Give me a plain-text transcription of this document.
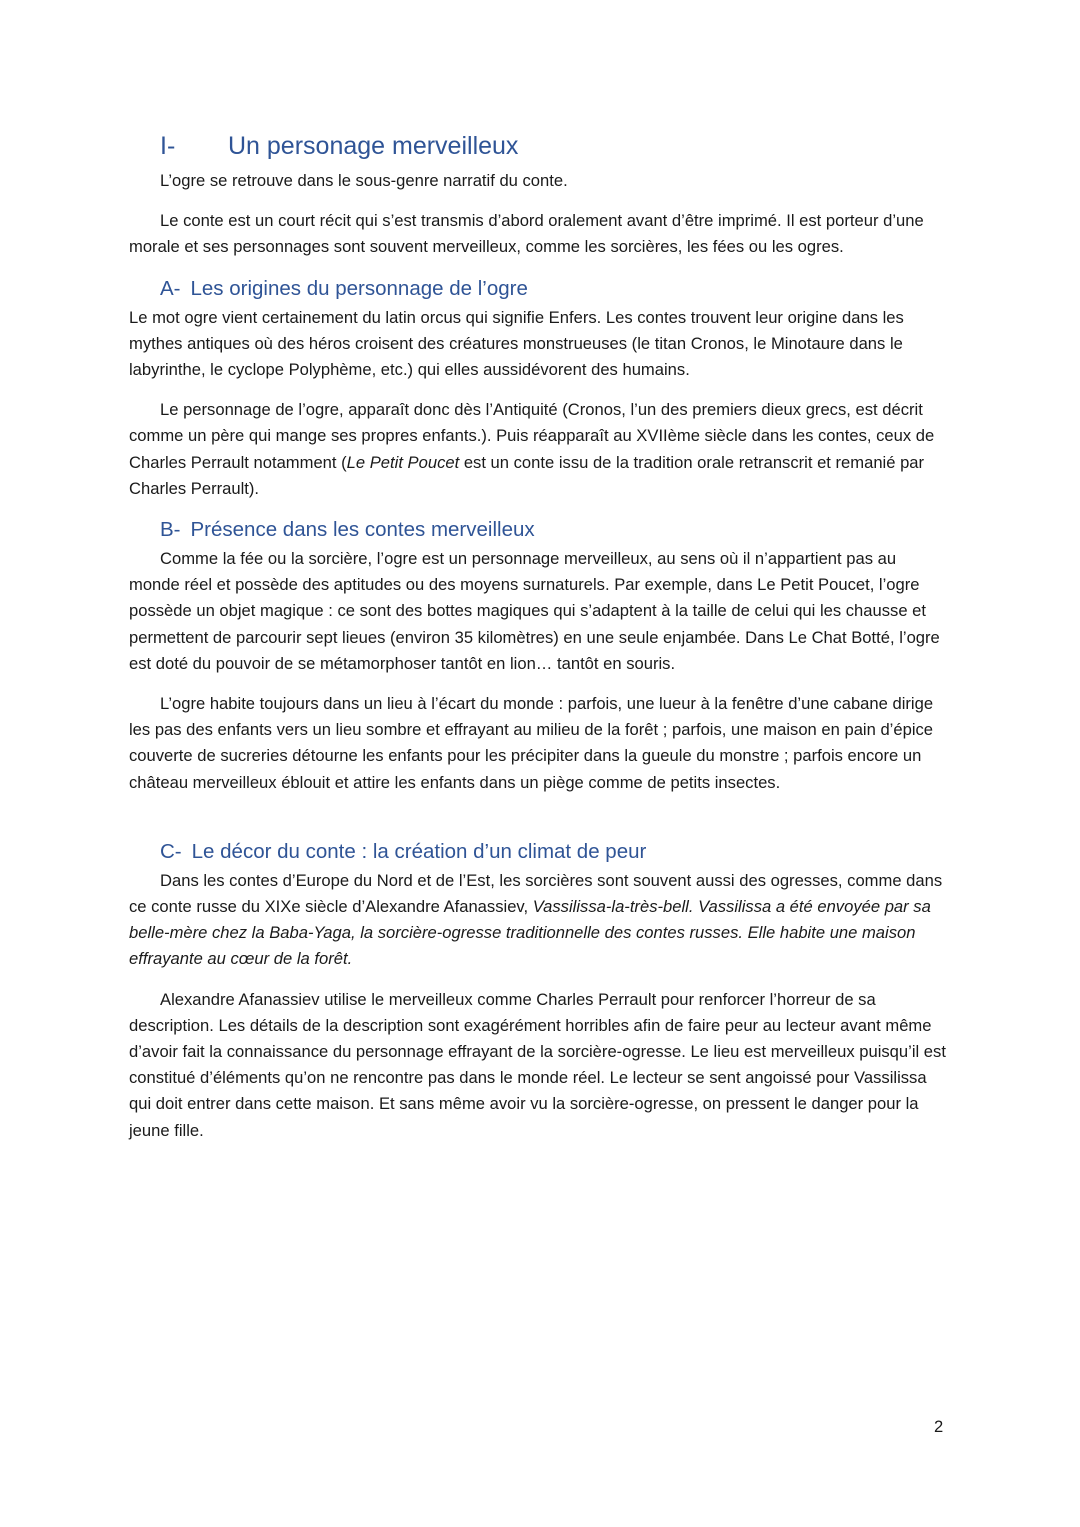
I-	Un personage merveilleux

L’ogre se retrouve dans le sous-genre narratif du conte.

Le conte est un court récit qui s’est transmis d’abord oralement avant d’être imprimé. Il est porteur d’une morale et ses personnages sont souvent merveilleux, comme les sorcières, les fées ou les ogres.

A- Les origines du personnage de l’ogre

Le mot ogre vient certainement du latin orcus qui signifie Enfers. Les contes trouvent leur origine dans les mythes antiques où des héros croisent des créatures monstrueuses (le titan Cronos, le Minotaure dans le labyrinthe, le cyclope Polyphème, etc.) qui elles aussidévorent des humains.

Le personnage de l’ogre, apparaît donc dès l’Antiquité (Cronos, l’un des premiers dieux grecs, est décrit comme un père qui mange ses propres enfants.). Puis réapparaît au XVIIème siècle dans les contes, ceux de Charles Perrault notamment (Le Petit Poucet est un conte issu de la tradition orale retranscrit et remanié par Charles Perrault).

B- Présence dans les contes merveilleux

Comme la fée ou la sorcière, l’ogre est un personnage merveilleux, au sens où il n’appartient pas au monde réel et possède des aptitudes ou des moyens surnaturels. Par exemple, dans Le Petit Poucet, l’ogre possède un objet magique : ce sont des bottes magiques qui s’adaptent à la taille de celui qui les chausse et permettent de parcourir sept lieues (environ 35 kilomètres) en une seule enjambée. Dans Le Chat Botté, l’ogre est doté du pouvoir de se métamorphoser tantôt en lion… tantôt en souris.

L’ogre habite toujours dans un lieu à l’écart du monde : parfois, une lueur à la fenêtre d’une cabane dirige les pas des enfants vers un lieu sombre et effrayant au milieu de la forêt ; parfois, une maison en pain d’épice couverte de sucreries détourne les enfants pour les précipiter dans la gueule du monstre ; parfois encore un château merveilleux éblouit et attire les enfants dans un piège comme de petits insectes.

C- Le décor du conte : la création d’un climat de peur

Dans les contes d’Europe du Nord et de l’Est, les sorcières sont souvent aussi des ogresses, comme dans ce conte russe du XIXe siècle d’Alexandre Afanassiev, Vassilissa-la-très-bell. Vassilissa a été envoyée par sa belle-mère chez la Baba-Yaga, la sorcière-ogresse traditionnelle des contes russes. Elle habite une maison effrayante au cœur de la forêt.

Alexandre Afanassiev utilise le merveilleux comme Charles Perrault pour renforcer l’horreur de sa description. Les détails de la description sont exagérément horribles afin de faire peur au lecteur avant même d’avoir fait la connaissance du personnage effrayant de la sorcière-ogresse. Le lieu est merveilleux puisqu’il est constitué d’éléments qu’on ne rencontre pas dans le monde réel. Le lecteur se sent angoissé pour Vassilissa qui doit entrer dans cette maison. Et sans même avoir vu la sorcière-ogresse, on pressent le danger pour la jeune fille.

2
